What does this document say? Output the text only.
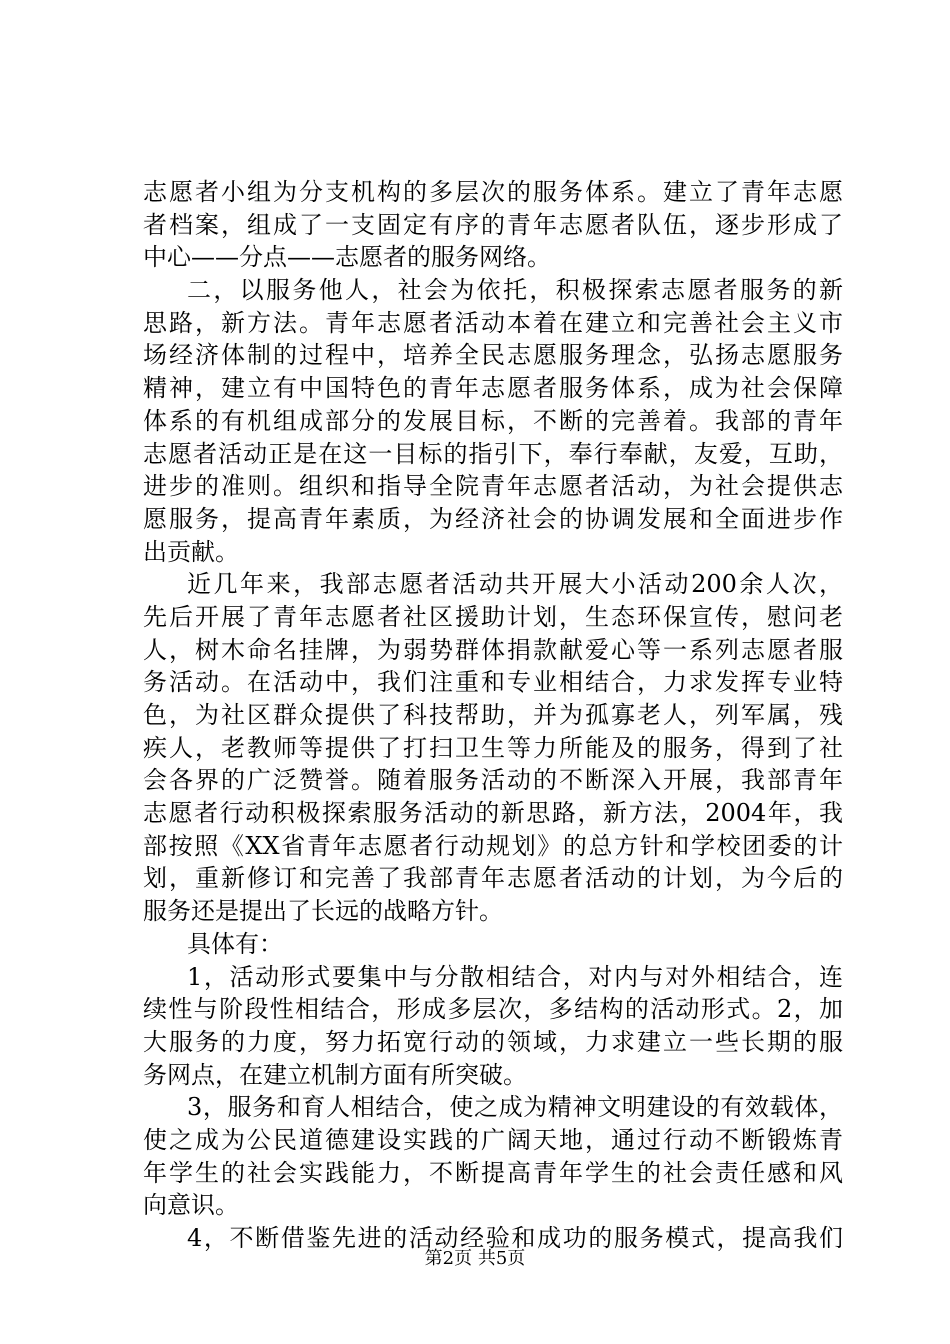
志愿者小组为分支机构的多层次的服务体系。建立了青年志愿
者档案，组成了一支固定有序的青年志愿者队伍，逐步形成了
中心——分点——志愿者的服务网络。
二，以服务他人，社会为依托，积极探索志愿者服务的新
思路，新方法。青年志愿者活动本着在建立和完善社会主义市
场经济体制的过程中，培养全民志愿服务理念，弘扬志愿服务
精神，建立有中国特色的青年志愿者服务体系，成为社会保障
体系的有机组成部分的发展目标，不断的完善着。我部的青年
志愿者活动正是在这一目标的指引下，奉行奉献，友爱，互助，
进步的准则。组织和指导全院青年志愿者活动，为社会提供志
愿服务，提高青年素质，为经济社会的协调发展和全面进步作
出贡献。
近几年来，我部志愿者活动共开展大小活动200余人次，
先后开展了青年志愿者社区援助计划，生态环保宣传，慰问老
人，树木命名挂牌，为弱势群体捐款献爱心等一系列志愿者服
务活动。在活动中，我们注重和专业相结合，力求发挥专业特
色，为社区群众提供了科技帮助，并为孤寡老人，列军属，残
疾人，老教师等提供了打扫卫生等力所能及的服务，得到了社
会各界的广泛赞誉。随着服务活动的不断深入开展，我部青年
志愿者行动积极探索服务活动的新思路，新方法，2004年，我
部按照《XX省青年志愿者行动规划》的总方针和学校团委的计
划，重新修订和完善了我部青年志愿者活动的计划，为今后的
服务还是提出了长远的战略方针。
具体有：
1，活动形式要集中与分散相结合，对内与对外相结合，连
续性与阶段性相结合，形成多层次，多结构的活动形式。2，加
大服务的力度，努力拓宽行动的领域，力求建立一些长期的服
务网点，在建立机制方面有所突破。
3，服务和育人相结合，使之成为精神文明建设的有效载体，
使之成为公民道德建设实践的广阔天地，通过行动不断锻炼青
年学生的社会实践能力，不断提高青年学生的社会责任感和风
向意识。
4，不断借鉴先进的活动经验和成功的服务模式，提高我们
第2页 共5页
